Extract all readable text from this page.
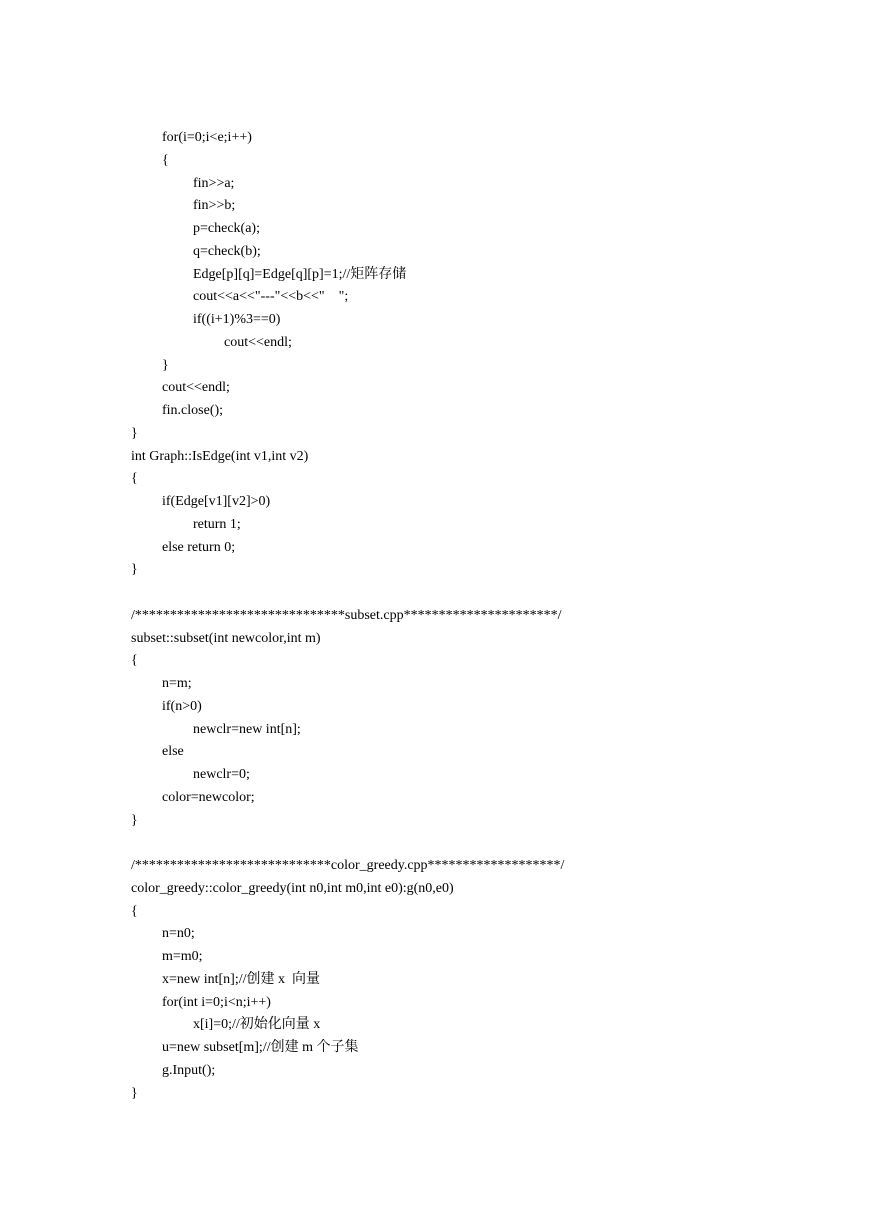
for(i=0;i<e;i++)
{
fin>>a;
fin>>b;
p=check(a);
q=check(b);
Edge[p][q]=Edge[q][p]=1;//矩阵存储
cout<<a<<"---"<<b<<"    ";
if((i+1)%3==0)
cout<<endl;
}
cout<<endl;
fin.close();
}
int Graph::IsEdge(int v1,int v2)
{
if(Edge[v1][v2]>0)
return 1;
else return 0;
}
/******************************subset.cpp**********************/
subset::subset(int newcolor,int m)
{
n=m;
if(n>0)
newclr=new int[n];
else
newclr=0;
color=newcolor;
}
/****************************color_greedy.cpp*******************/
color_greedy::color_greedy(int n0,int m0,int e0):g(n0,e0)
{
n=n0;
m=m0;
x=new int[n];//创建 x  向量
for(int i=0;i<n;i++)
x[i]=0;//初始化向量 x
u=new subset[m];//创建 m 个子集
g.Input();
}
